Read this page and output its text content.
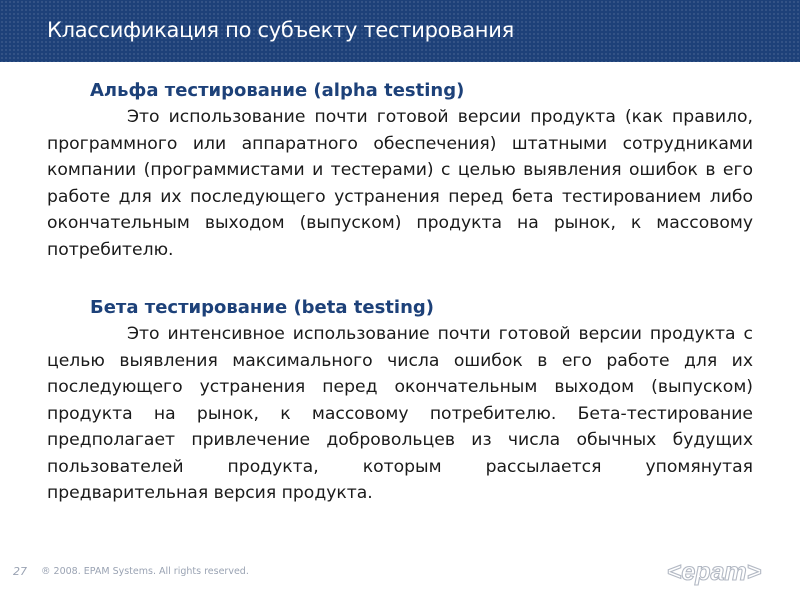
Классификация по субъекту тестирования

Альфа тестирование (alpha testing)

Это использование почти готовой версии продукта (как правило, программного или аппаратного обеспечения) штатными сотрудниками компании (программистами и тестерами) с целью выявления ошибок в его работе для их последующего устранения перед бета тестированием либо окончательным выходом (выпуском) продукта на рынок, к массовому потребителю.

Бета тестирование (beta testing)

Это интенсивное использование почти готовой версии продукта с целью выявления максимального числа ошибок в его работе для их последующего устранения перед окончательным выходом (выпуском) продукта на рынок, к массовому потребителю. Бета-тестирование предполагает привлечение добровольцев из числа обычных будущих пользователей продукта, которым рассылается упомянутая предварительная версия продукта.

27 ® 2008. EPAM Systems. All rights reserved.	<epam>
